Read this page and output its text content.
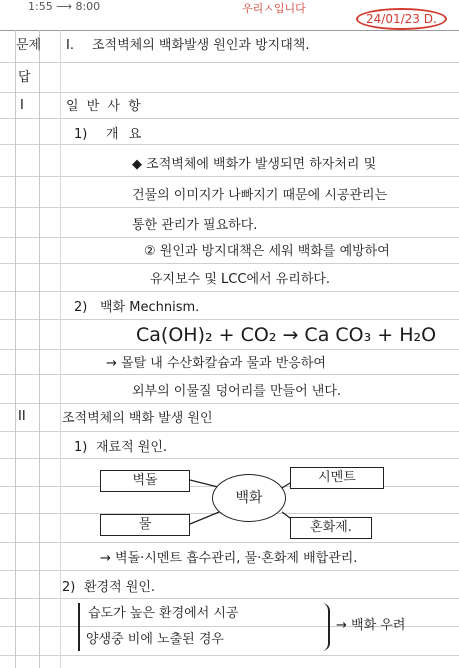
1:55 ⟶ 8:00	우리ㅅ입니다
24/01/23 D.
문제
답
I
II
I. 조적벽체의 백화발생 원인과 방지대책.
일 반 사 항
1) 개 요
◆ 조적벽체에 백화가 발생되면 하자처리 및
건물의 이미지가 나빠지기 때문에 시공관리는
통한 관리가 필요하다.
② 원인과 방지대책은 세워 백화를 예방하여
유지보수 및 LCC에서 유리하다.
2) 백화 Mechnism.
Ca(OH)₂ + CO₂ → Ca CO₃ + H₂O
→ 몰탈 내 수산화칼슘과 물과 반응하여
외부의 이물질 덩어리를 만들어 낸다.
조적벽체의 백화 발생 원인
1) 재료적 원인.
벽돌	시멘트
물	혼화제.
백화
→ 벽돌·시멘트 흡수관리, 물·혼화제 배합관리.
2) 환경적 원인.
습도가 높은 환경에서 시공
양생중 비에 노출된 경우
→ 백화 우려
